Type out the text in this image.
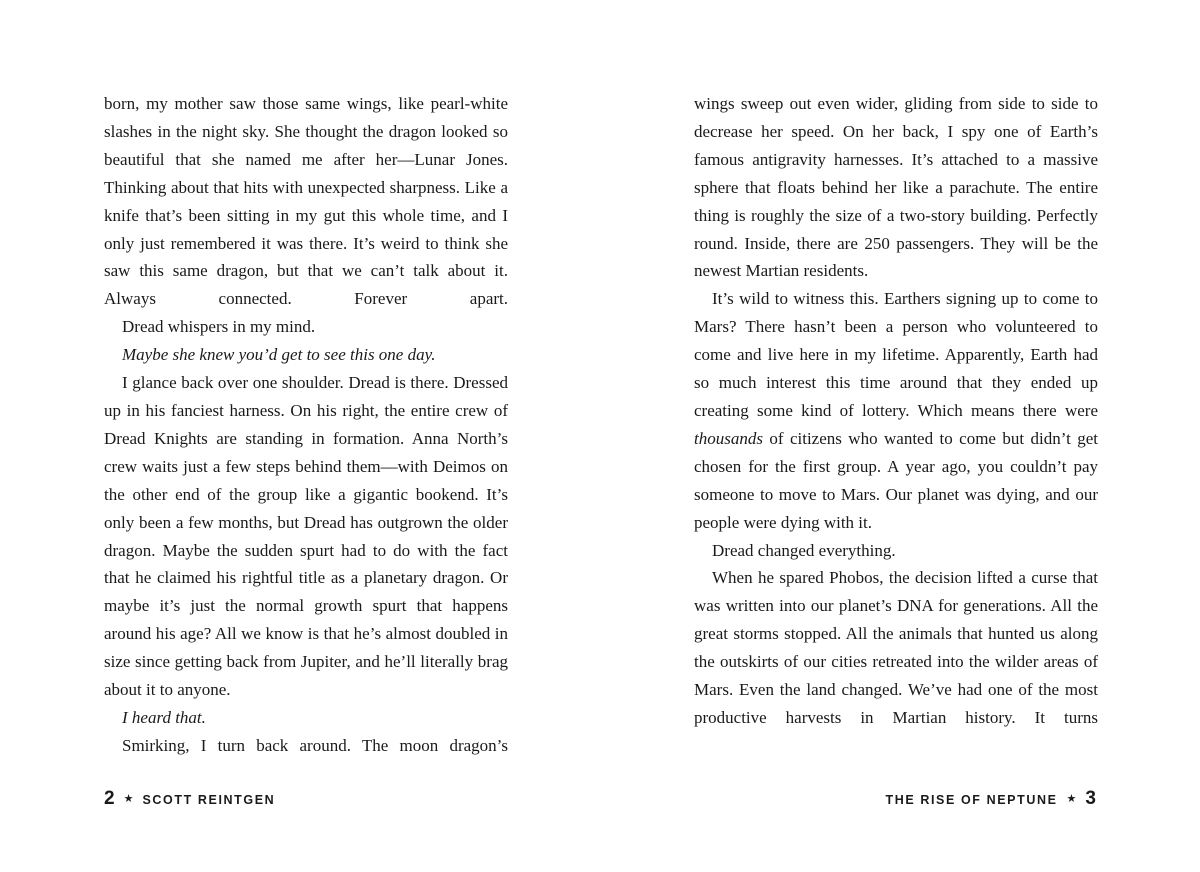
born, my mother saw those same wings, like pearl-white slashes in the night sky. She thought the dragon looked so beautiful that she named me after her—Lunar Jones. Thinking about that hits with unexpected sharpness. Like a knife that’s been sitting in my gut this whole time, and I only just remembered it was there. It’s weird to think she saw this same dragon, but that we can’t talk about it. Always connected. Forever apart.

Dread whispers in my mind.

Maybe she knew you’d get to see this one day.

I glance back over one shoulder. Dread is there. Dressed up in his fanciest harness. On his right, the entire crew of Dread Knights are standing in formation. Anna North’s crew waits just a few steps behind them—with Deimos on the other end of the group like a gigantic bookend. It’s only been a few months, but Dread has outgrown the older dragon. Maybe the sudden spurt had to do with the fact that he claimed his rightful title as a planetary dragon. Or maybe it’s just the normal growth spurt that happens around his age? All we know is that he’s almost doubled in size since getting back from Jupiter, and he’ll literally brag about it to anyone.

I heard that.

Smirking, I turn back around. The moon dragon’s

2 ★ SCOTT REINTGEN

wings sweep out even wider, gliding from side to side to decrease her speed. On her back, I spy one of Earth’s famous antigravity harnesses. It’s attached to a massive sphere that floats behind her like a parachute. The entire thing is roughly the size of a two-story building. Perfectly round. Inside, there are 250 passengers. They will be the newest Martian residents.

It’s wild to witness this. Earthers signing up to come to Mars? There hasn’t been a person who volunteered to come and live here in my lifetime. Apparently, Earth had so much interest this time around that they ended up creating some kind of lottery. Which means there were thousands of citizens who wanted to come but didn’t get chosen for the first group. A year ago, you couldn’t pay someone to move to Mars. Our planet was dying, and our people were dying with it.

Dread changed everything.

When he spared Phobos, the decision lifted a curse that was written into our planet’s DNA for generations. All the great storms stopped. All the animals that hunted us along the outskirts of our cities retreated into the wilder areas of Mars. Even the land changed. We’ve had one of the most productive harvests in Martian history. It turns

THE RISE OF NEPTUNE ★ 3
